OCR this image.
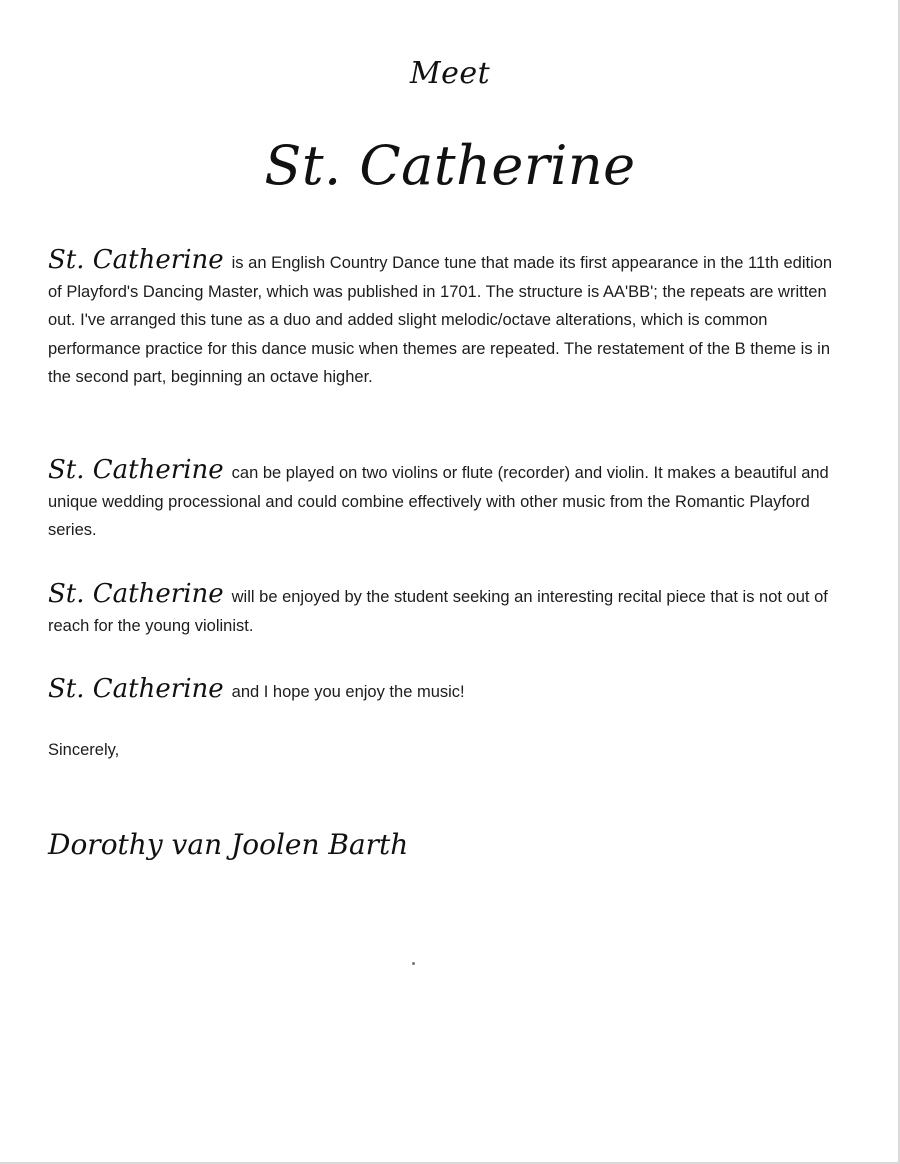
Meet
St. Catherine

St. Catherine is an English Country Dance tune that made its first appearance in the 11th edition of Playford's Dancing Master, which was published in 1701. The structure is AA'BB'; the repeats are written out. I've arranged this tune as a duo and added slight melodic/octave alterations, which is common performance practice for this dance music when themes are repeated. The restatement of the B theme is in the second part, beginning an octave higher.

St. Catherine can be played on two violins or flute (recorder) and violin. It makes a beautiful and unique wedding processional and could combine effectively with other music from the Romantic Playford series.

St. Catherine will be enjoyed by the student seeking an interesting recital piece that is not out of reach for the young violinist.

St. Catherine and I hope you enjoy the music!

Sincerely,
Dorothy van Joolen Barth
